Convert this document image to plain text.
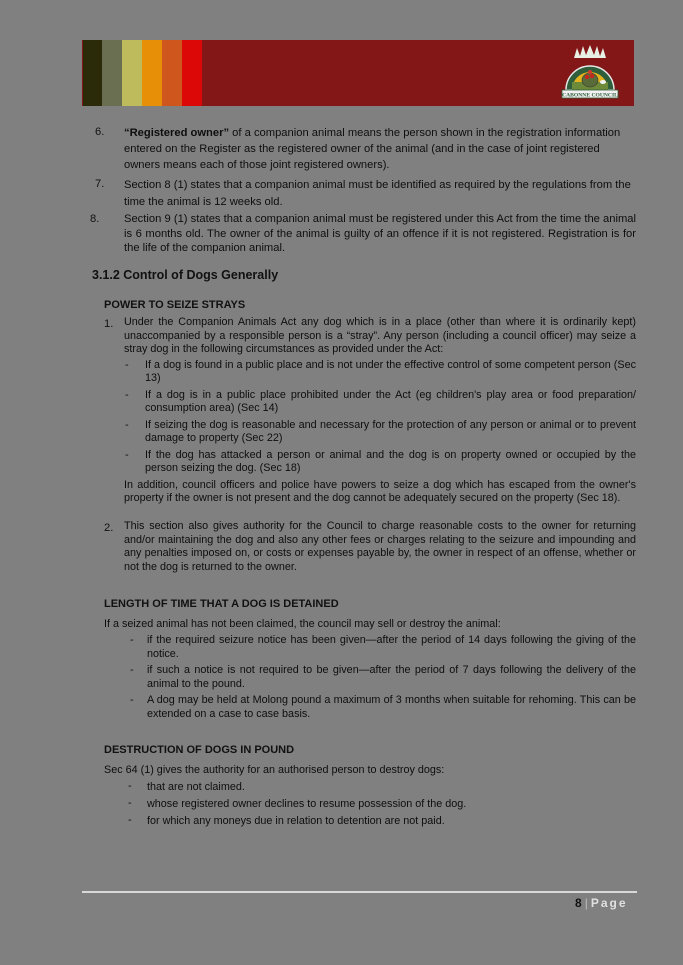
CABONNE COUNCIL
6. “Registered owner” of a companion animal means the person shown in the registration information entered on the Register as the registered owner of the animal (and in the case of joint registered owners means each of those joint registered owners).
7. Section 8 (1) states that a companion animal must be identified as required by the regulations from the time the animal is 12 weeks old.
8. Section 9 (1) states that a companion animal must be registered under this Act from the time the animal is 6 months old. The owner of the animal is guilty of an offence if it is not registered. Registration is for the life of the companion animal.
3.1.2 Control of Dogs Generally
POWER TO SEIZE STRAYS
1. Under the Companion Animals Act any dog which is in a place (other than where it is ordinarily kept) unaccompanied by a responsible person is a “stray”. Any person (including a council officer) may seize a stray dog in the following circumstances as provided under the Act:
- If a dog is found in a public place and is not under the effective control of some competent person (Sec 13)
- If a dog is in a public place prohibited under the Act (eg children's play area or food preparation/ consumption area) (Sec 14)
- If seizing the dog is reasonable and necessary for the protection of any person or animal or to prevent damage to property (Sec 22)
- If the dog has attacked a person or animal and the dog is on property owned or occupied by the person seizing the dog. (Sec 18)
In addition, council officers and police have powers to seize a dog which has escaped from the owner's property if the owner is not present and the dog cannot be adequately secured on the property (Sec 18).
2. This section also gives authority for the Council to charge reasonable costs to the owner for returning and/or maintaining the dog and also any other fees or charges relating to the seizure and impounding and any penalties imposed on, or costs or expenses payable by, the owner in respect of an offense, whether or not the dog is returned to the owner.
LENGTH OF TIME THAT A DOG IS DETAINED
If a seized animal has not been claimed, the council may sell or destroy the animal:
- if the required seizure notice has been given—after the period of 14 days following the giving of the notice.
- if such a notice is not required to be given—after the period of 7 days following the delivery of the animal to the pound.
- A dog may be held at Molong pound a maximum of 3 months when suitable for rehoming. This can be extended on a case to case basis.
DESTRUCTION OF DOGS IN POUND
Sec 64 (1) gives the authority for an authorised person to destroy dogs:
- that are not claimed.
- whose registered owner declines to resume possession of the dog.
- for which any moneys due in relation to detention are not paid.
8 | Page
